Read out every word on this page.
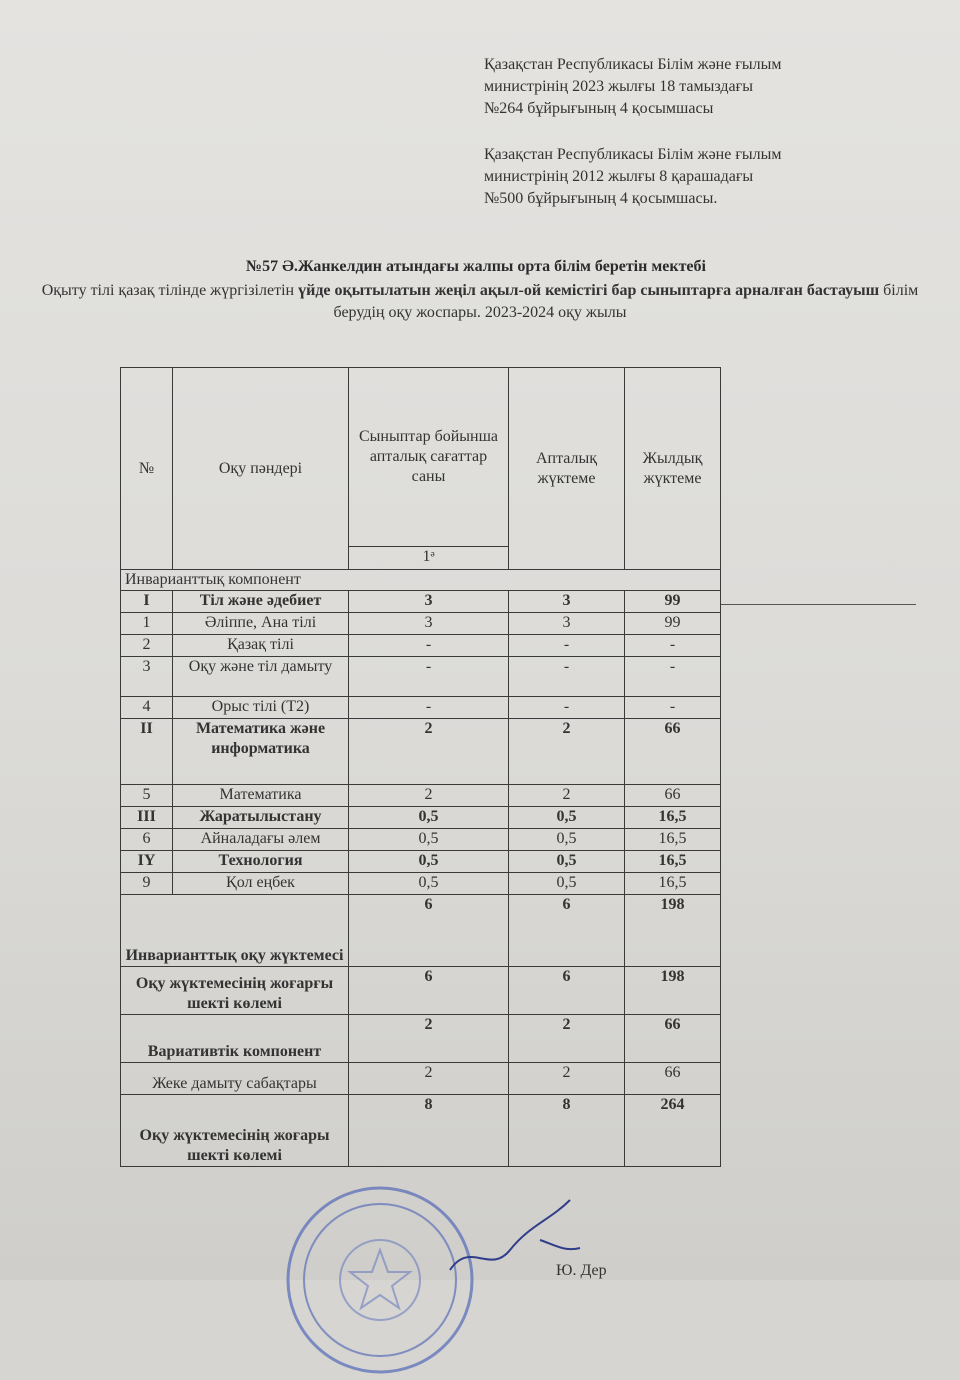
Қазақстан Республикасы Білім және ғылым
министрінің 2023 жылғы 18 тамыздағы
№264 бұйрығының 4 қосымшасы
Қазақстан Республикасы Білім және ғылым
министрінің 2012 жылғы 8 қарашадағы
№500 бұйрығының 4 қосымшасы.
№57 Ә.Жанкелдин атындағы жалпы орта білім беретін мектебі
Оқыту тілі қазақ тілінде жүргізілетін үйде оқытылатын жеңіл ақыл-ой кемістігі бар сыныптарға арналған бастауыш білім берудің оқу жоспары. 2023-2024 оқу жылы
№	Оқу пәндері	Сыныптар бойынша апталық сағаттар саны	Апталық жүктеме	Жылдық жүктеме
		1ᵊ		
Инварианттық компонент				
I	Тіл және әдебиет	3	3	99
1	Әліппе, Ана тілі	3	3	99
2	Қазақ тілі	-	-	-
3	Оқу және тіл дамыту	-	-	-
4	Орыс тілі (Т2)	-	-	-
II	Математика және информатика	2	2	66
5	Математика	2	2	66
III	Жаратылыстану	0,5	0,5	16,5
6	Айналадағы әлем	0,5	0,5	16,5
IY	Технология	0,5	0,5	16,5
9	Қол еңбек	0,5	0,5	16,5
Инварианттық оқу жүктемесі		6	6	198
Оқу жүктемесінің жоғарғы шекті көлемі		6	6	198
Вариативтік компонент		2	2	66
Жеке дамыту сабақтары		2	2	66
Оқу жүктемесінің жоғары шекті көлемі		8	8	264
Ю. Дер
